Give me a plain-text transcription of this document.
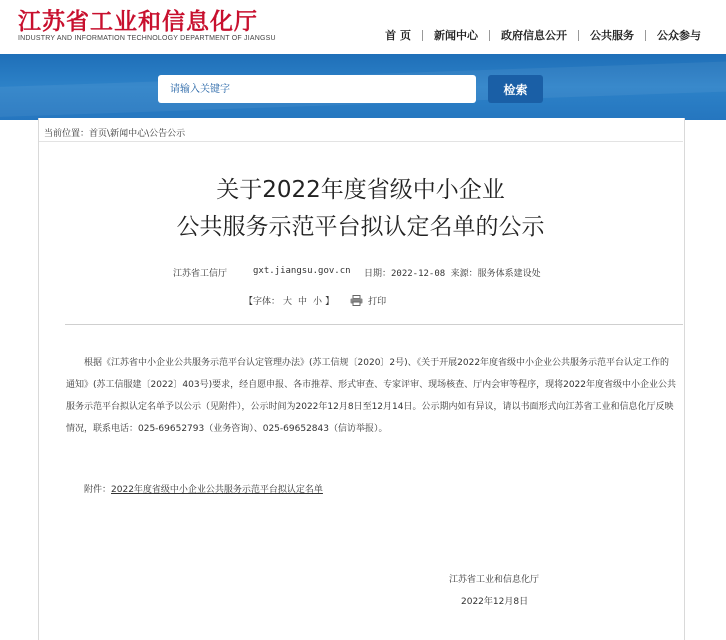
江苏省工业和信息化厅
INDUSTRY AND INFORMATION TECHNOLOGY DEPARTMENT OF JIANGSU	首 页	新闻中心	政府信息公开	公共服务	公众参与
请输入关键字
检索
当前位置：首页\新闻中心\公告公示
关于2022年度省级中小企业
公共服务示范平台拟认定名单的公示
江苏省工信厅	gxt.jiangsu.gov.cn 日期：2022-12-08 来源：服务体系建设处
【字体： 大 中 小 】	打印

根据《江苏省中小企业公共服务示范平台认定管理办法》(苏工信规〔2020〕2号)、《关于开展2022年度省级中小企业公共服务示范平台认定工作的通知》(苏工信服建〔2022〕403号)要求，经自愿申报、各市推荐、形式审查、专家评审、现场核查、厅内会审等程序，现将2022年度省级中小企业公共服务示范平台拟认定名单予以公示（见附件），公示时间为2022年12月8日至12月14日。公示期内如有异议，请以书面形式向江苏省工业和信息化厅反映情况，联系电话：025-69652793（业务咨询）、025-69652843（信访举报）。

附件：2022年度省级中小企业公共服务示范平台拟认定名单
江苏省工业和信息化厅
2022年12月8日
